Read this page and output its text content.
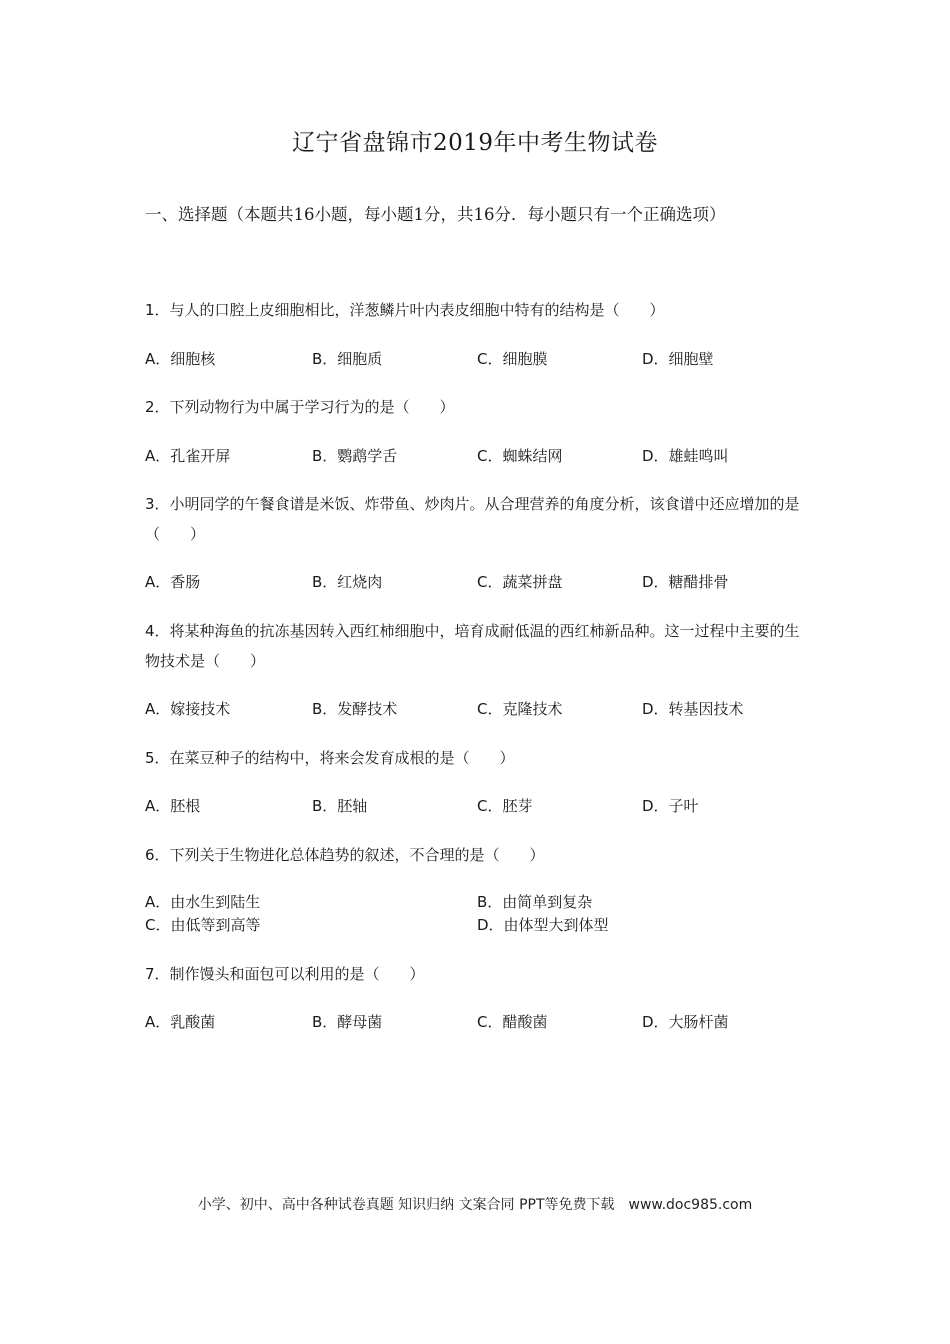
辽宁省盘锦市2019年中考生物试卷
一、选择题（本题共16小题，每小题1分，共16分．每小题只有一个正确选项）
1．与人的口腔上皮细胞相比，洋葱鳞片叶内表皮细胞中特有的结构是（　　）
A．细胞核	B．细胞质	C．细胞膜	D．细胞壁
2．下列动物行为中属于学习行为的是（　　）
A．孔雀开屏	B．鹦鹉学舌	C．蜘蛛结网	D．雄蛙鸣叫
3．小明同学的午餐食谱是米饭、炸带鱼、炒肉片。从合理营养的角度分析，该食谱中还应增加的是（　　）
A．香肠	B．红烧肉	C．蔬菜拼盘	D．糖醋排骨
4．将某种海鱼的抗冻基因转入西红柿细胞中，培育成耐低温的西红柿新品种。这一过程中主要的生物技术是（　　）
A．嫁接技术	B．发酵技术	C．克隆技术	D．转基因技术
5．在菜豆种子的结构中，将来会发育成根的是（　　）
A．胚根	B．胚轴	C．胚芽	D．子叶
6．下列关于生物进化总体趋势的叙述，不合理的是（　　）
A．由水生到陆生	B．由简单到复杂
C．由低等到高等	D．由体型大到体型
7．制作馒头和面包可以利用的是（　　）
A．乳酸菌	B．酵母菌	C．醋酸菌	D．大肠杆菌
小学、初中、高中各种试卷真题 知识归纳 文案合同 PPT等免费下载　www.doc985.com
